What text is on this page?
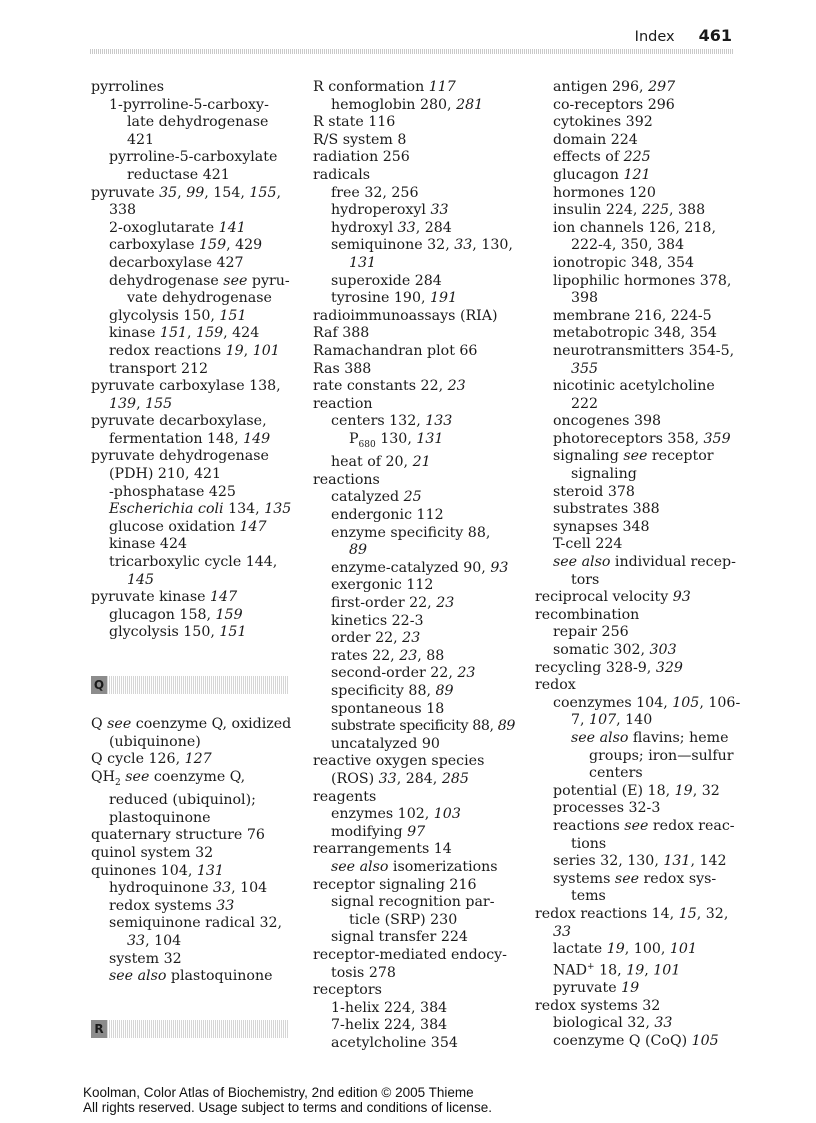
Index 461
pyrrolines
1-pyrroline-5-carboxy-
late dehydrogenase
421
pyrroline-5-carboxylate
reductase 421
pyruvate 35, 99, 154, 155,
338
2-oxoglutarate 141
carboxylase 159, 429
decarboxylase 427
dehydrogenase see pyru-
vate dehydrogenase
glycolysis 150, 151
kinase 151, 159, 424
redox reactions 19, 101
transport 212
pyruvate carboxylase 138,
139, 155
pyruvate decarboxylase,
fermentation 148, 149
pyruvate dehydrogenase
(PDH) 210, 421
-phosphatase 425
Escherichia coli 134, 135
glucose oxidation 147
kinase 424
tricarboxylic cycle 144,
145
pyruvate kinase 147
glucagon 158, 159
glycolysis 150, 151
Q
Q see coenzyme Q, oxidized
(ubiquinone)
Q cycle 126, 127
$QH_2$ see coenzyme Q,
reduced (ubiquinol);
plastoquinone
quaternary structure 76
quinol system 32
quinones 104, 131
hydroquinone 33, 104
redox systems 33
semiquinone radical 32,
33, 104
system 32
see also plastoquinone
R
R conformation 117
hemoglobin 280, 281
R state 116
R/S system 8
radiation 256
radicals
free 32, 256
hydroperoxyl 33
hydroxyl 33, 284
semiquinone 32, 33, 130,
131
superoxide 284
tyrosine 190, 191
radioimmunoassays (RIA)
Raf 388
Ramachandran plot 66
Ras 388
rate constants 22, 23
reaction
centers 132, 133
$P_{680}$ 130, 131
heat of 20, 21
reactions
catalyzed 25
endergonic 112
enzyme specificity 88,
89
enzyme-catalyzed 90, 93
exergonic 112
first-order 22, 23
kinetics 22-3
order 22, 23
rates 22, 23, 88
second-order 22, 23
specificity 88, 89
spontaneous 18
substrate specificity 88, 89
uncatalyzed 90
reactive oxygen species
(ROS) 33, 284, 285
reagents
enzymes 102, 103
modifying 97
rearrangements 14
see also isomerizations
receptor signaling 216
signal recognition par-
ticle (SRP) 230
signal transfer 224
receptor-mediated endocy-
tosis 278
receptors
1-helix 224, 384
7-helix 224, 384
acetylcholine 354
antigen 296, 297
co-receptors 296
cytokines 392
domain 224
effects of 225
glucagon 121
hormones 120
insulin 224, 225, 388
ion channels 126, 218,
222-4, 350, 384
ionotropic 348, 354
lipophilic hormones 378,
398
membrane 216, 224-5
metabotropic 348, 354
neurotransmitters 354-5,
355
nicotinic acetylcholine
222
oncogenes 398
photoreceptors 358, 359
signaling see receptor
signaling
steroid 378
substrates 388
synapses 348
T-cell 224
see also individual recep-
tors
reciprocal velocity 93
recombination
repair 256
somatic 302, 303
recycling 328-9, 329
redox
coenzymes 104, 105, 106-
7, 107, 140
see also flavins; heme
groups; iron—sulfur
centers
potential (E) 18, 19, 32
processes 32-3
reactions see redox reac-
tions
series 32, 130, 131, 142
systems see redox sys-
tems
redox reactions 14, 15, 32,
33
lactate 19, 100, 101
NAD+ 18, 19, 101
pyruvate 19
redox systems 32
biological 32, 33
coenzyme Q (CoQ) 105
Koolman, Color Atlas of Biochemistry, 2nd edition © 2005 Thieme
All rights reserved. Usage subject to terms and conditions of license.
